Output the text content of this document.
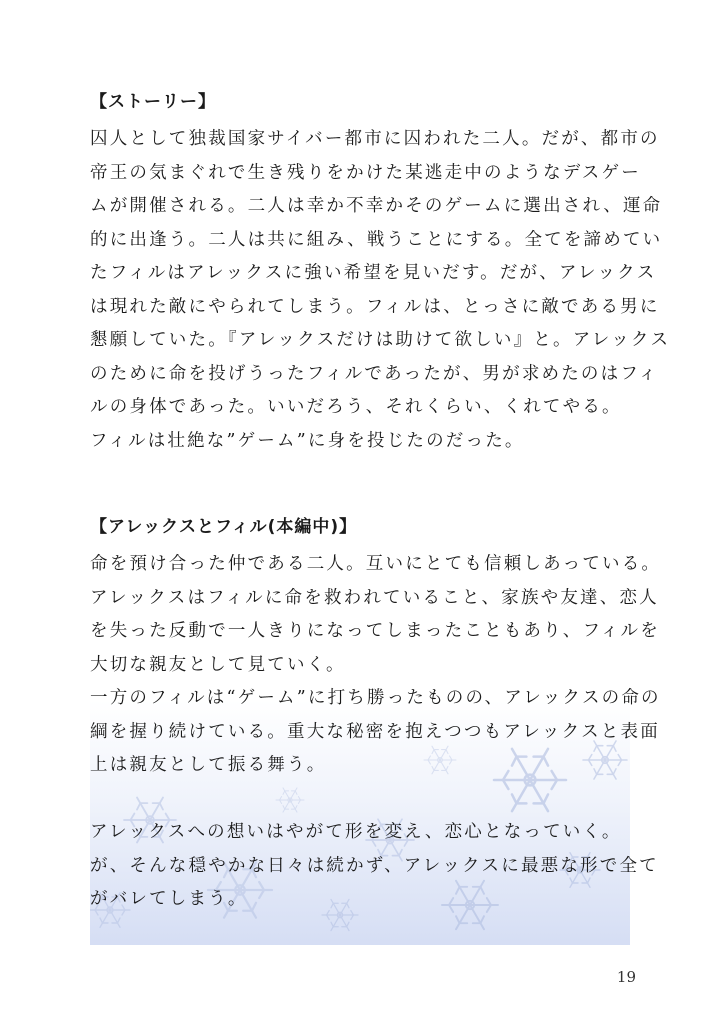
【ストーリー】
囚人として独裁国家サイバー都市に囚われた二人。だが、都市の
帝王の気まぐれで生き残りをかけた某逃走中のようなデスゲー
ムが開催される。二人は幸か不幸かそのゲームに選出され、運命
的に出逢う。二人は共に組み、戦うことにする。全てを諦めてい
たフィルはアレックスに強い希望を見いだす。だが、アレックス
は現れた敵にやられてしまう。フィルは、とっさに敵である男に
懇願していた。『アレックスだけは助けて欲しい』と。アレックス
のために命を投げうったフィルであったが、男が求めたのはフィ
ルの身体であった。いいだろう、それくらい、くれてやる。
フィルは壮絶な”ゲーム”に身を投じたのだった。
【アレックスとフィル(本編中)】
命を預け合った仲である二人。互いにとても信頼しあっている。
アレックスはフィルに命を救われていること、家族や友達、恋人
を失った反動で一人きりになってしまったこともあり、フィルを
大切な親友として見ていく。
一方のフィルは“ゲーム”に打ち勝ったものの、アレックスの命の
綱を握り続けている。重大な秘密を抱えつつもアレックスと表面
上は親友として振る舞う。
アレックスへの想いはやがて形を変え、恋心となっていく。
が、そんな穏やかな日々は続かず、アレックスに最悪な形で全て
がバレてしまう。
19
